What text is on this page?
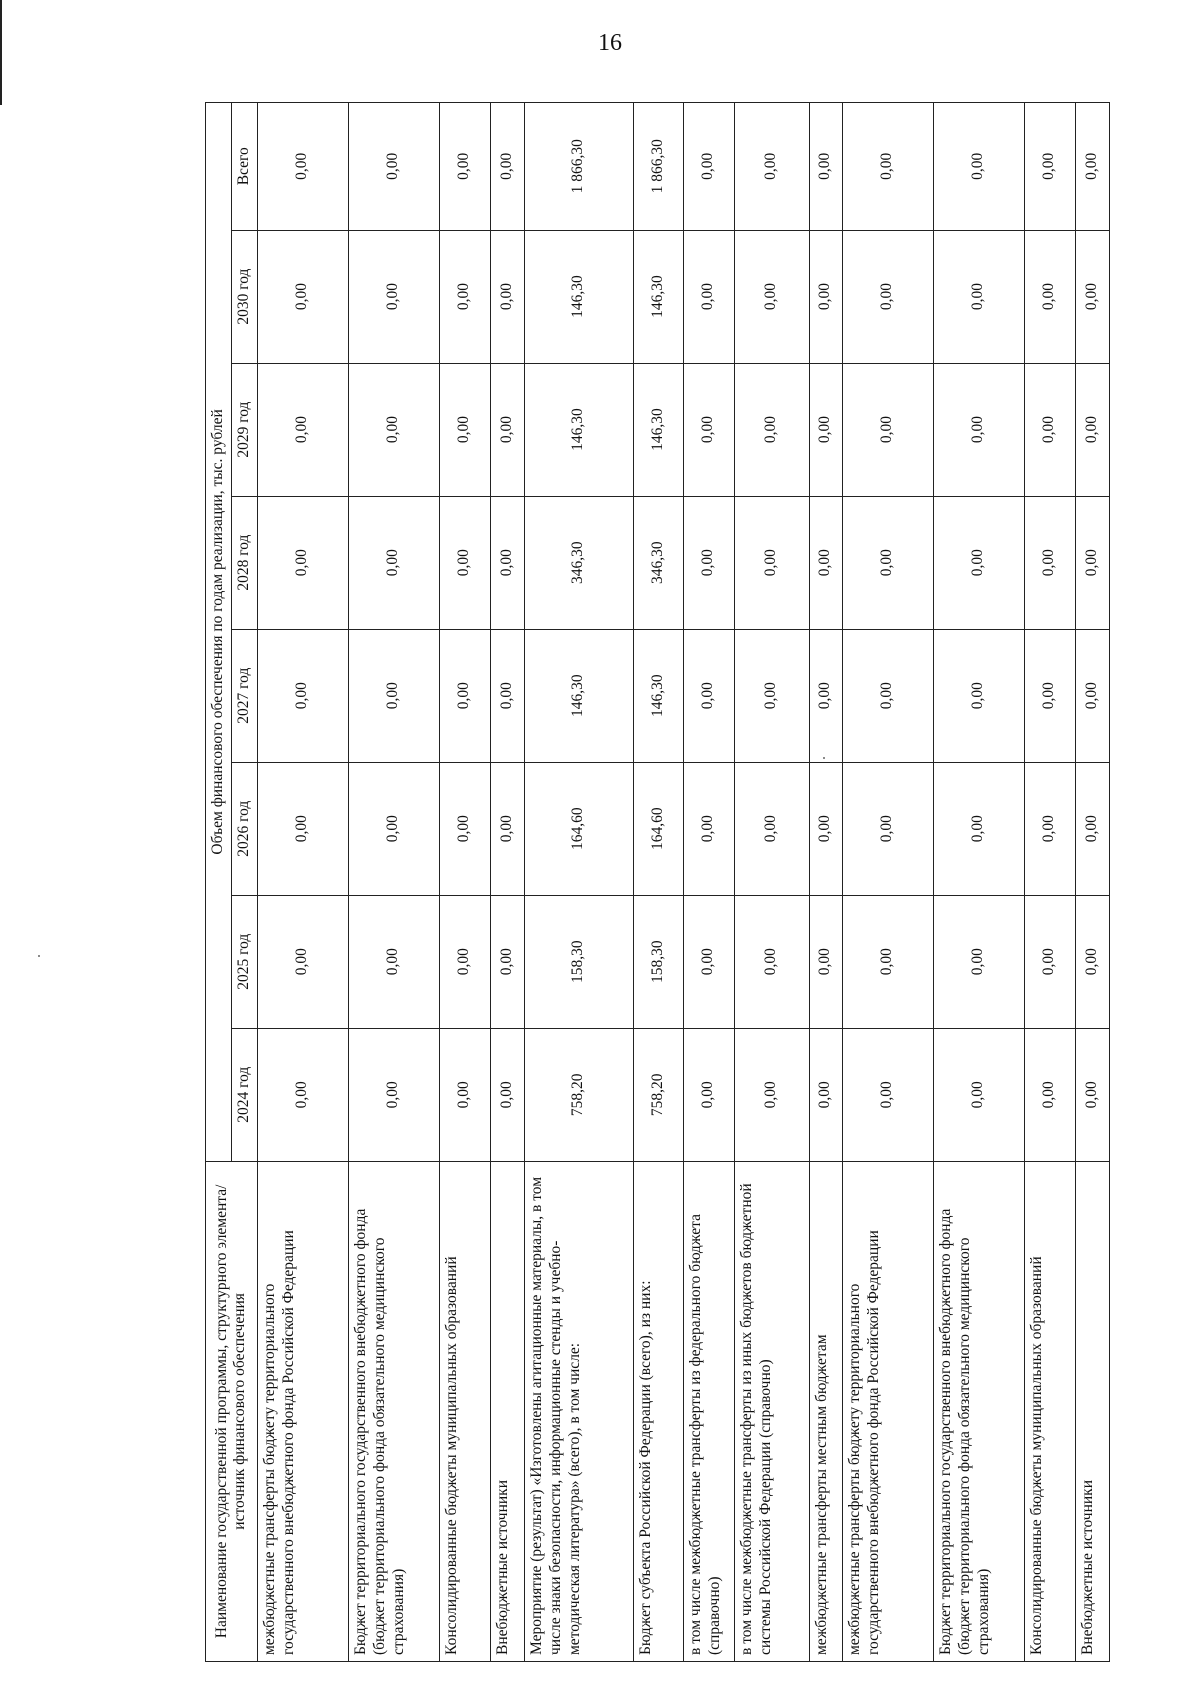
16
Наименование государственной программы, структурного элемента/источник финансового обеспечения	Объем финансового обеспечения по годам реализации, тыс. рублей							
	2024 год	2025 год	2026 год	2027 год	2028 год	2029 год	2030 год	Всего
межбюджетные трансферты бюджету территориального государственного внебюджетного фонда Российской Федерации	0,00	0,00	0,00	0,00	0,00	0,00	0,00	0,00
Бюджет территориального государственного внебюджетного фонда (бюджет территориального фонда обязательного медицинского страхования)	0,00	0,00	0,00	0,00	0,00	0,00	0,00	0,00
Консолидированные бюджеты муниципальных образований	0,00	0,00	0,00	0,00	0,00	0,00	0,00	0,00
Внебюджетные источники	0,00	0,00	0,00	0,00	0,00	0,00	0,00	0,00
Мероприятие (результат) «Изготовлены агитационные материалы, в том числе знаки безопасности, информационные стенды и учебно-методическая литература» (всего), в том числе:	758,20	158,30	164,60	146,30	346,30	146,30	146,30	1 866,30
Бюджет субъекта Российской Федерации (всего), из них:	758,20	158,30	164,60	146,30	346,30	146,30	146,30	1 866,30
в том числе межбюджетные трансферты из федерального бюджета (справочно)	0,00	0,00	0,00	0,00	0,00	0,00	0,00	0,00
в том числе межбюджетные трансферты из иных бюджетов бюджетной системы Российской Федерации (справочно)	0,00	0,00	0,00	0,00	0,00	0,00	0,00	0,00
межбюджетные трансферты местным бюджетам	0,00	0,00	0,00	0,00	0,00	0,00	0,00	0,00
межбюджетные трансферты бюджету территориального государственного внебюджетного фонда Российской Федерации	0,00	0,00	0,00	0,00	0,00	0,00	0,00	0,00
Бюджет территориального государственного внебюджетного фонда (бюджет территориального фонда обязательного медицинского страхования)	0,00	0,00	0,00	0,00	0,00	0,00	0,00	0,00
Консолидированные бюджеты муниципальных образований	0,00	0,00	0,00	0,00	0,00	0,00	0,00	0,00
Внебюджетные источники	0,00	0,00	0,00	0,00	0,00	0,00	0,00	0,00
